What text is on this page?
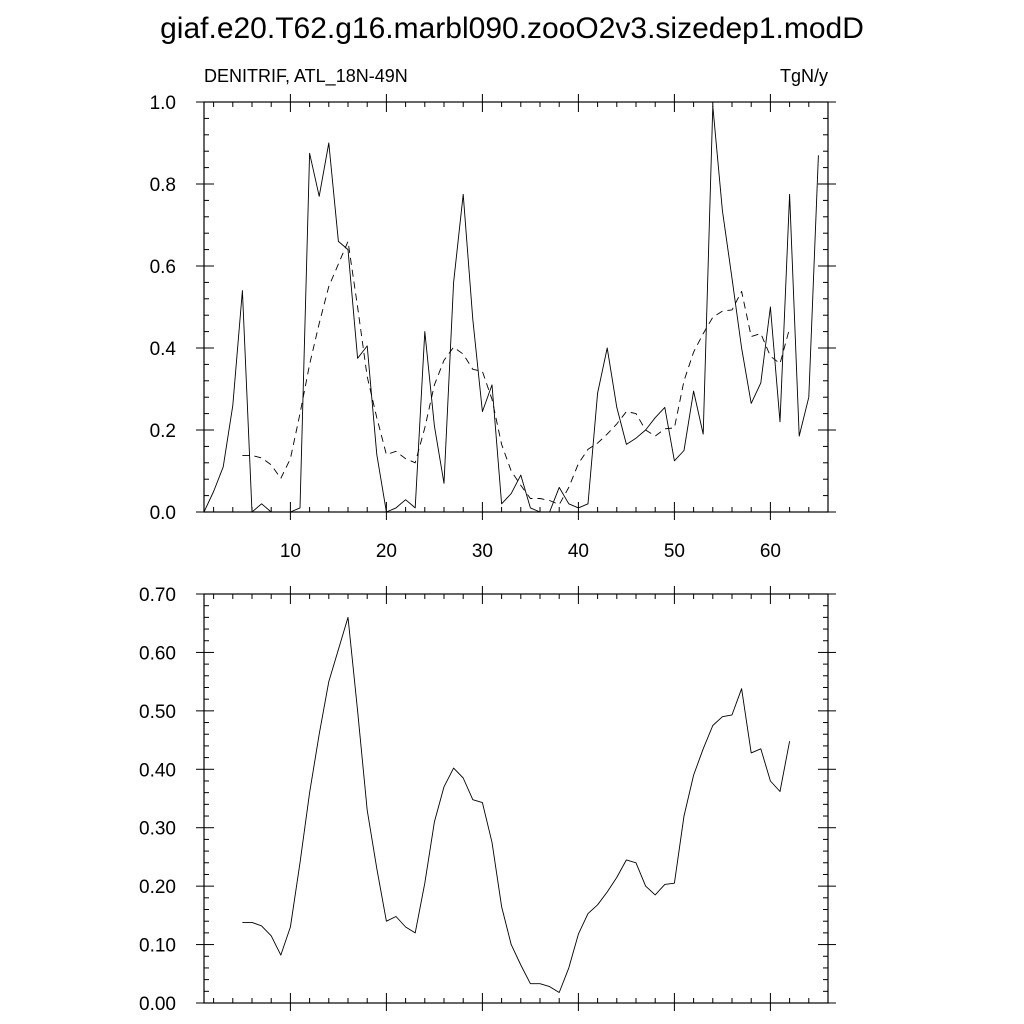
giaf.e20.T62.g16.marbl090.zooO2v3.sizedep1.modD
DENITRIF, ATL_18N-49N	TgN/y
10	20	30	40	50	60
0.0
0.2
0.4
0.6
0.8
1.0
0.00
0.10
0.20
0.30
0.40
0.50
0.60
0.70
